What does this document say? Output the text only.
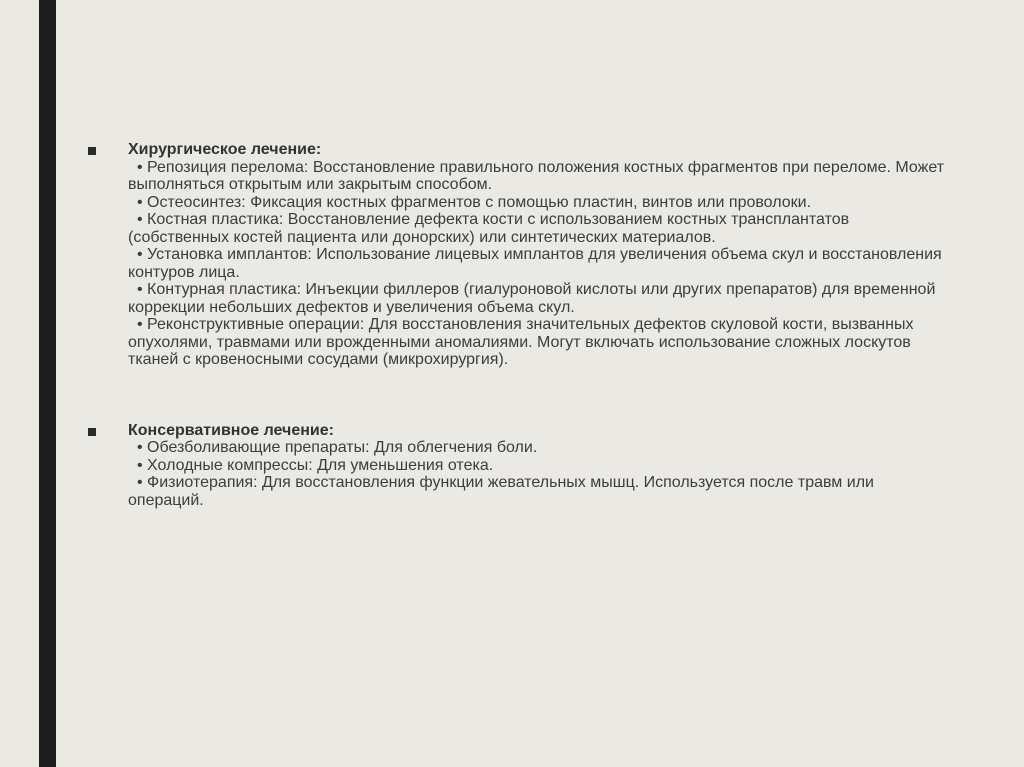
Хирургическое лечение:
• Репозиция перелома: Восстановление правильного положения костных фрагментов при переломе. Может выполняться открытым или закрытым способом.
• Остеосинтез: Фиксация костных фрагментов с помощью пластин, винтов или проволоки.
• Костная пластика: Восстановление дефекта кости с использованием костных трансплантатов (собственных костей пациента или донорских) или синтетических материалов.
• Установка имплантов: Использование лицевых имплантов для увеличения объема скул и восстановления контуров лица.
• Контурная пластика: Инъекции филлеров (гиалуроновой кислоты или других препаратов) для временной коррекции небольших дефектов и увеличения объема скул.
• Реконструктивные операции: Для восстановления значительных дефектов скуловой кости, вызванных опухолями, травмами или врожденными аномалиями. Могут включать использование сложных лоскутов тканей с кровеносными сосудами (микрохирургия).
Консервативное лечение:
• Обезболивающие препараты: Для облегчения боли.
• Холодные компрессы: Для уменьшения отека.
• Физиотерапия: Для восстановления функции жевательных мышц. Используется после травм или операций.
